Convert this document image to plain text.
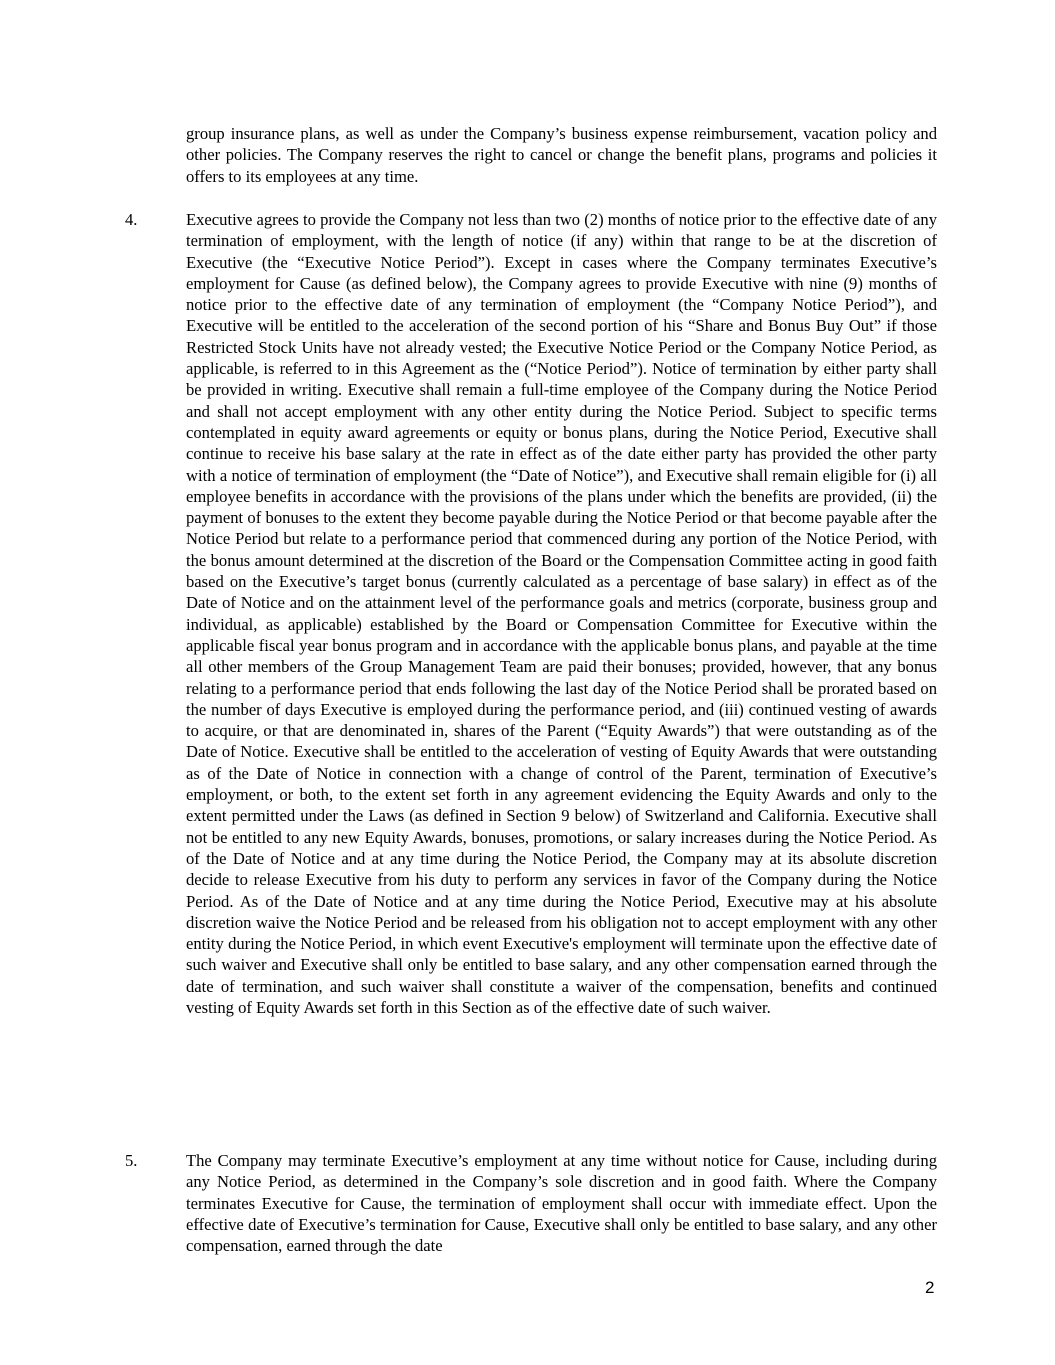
group insurance plans, as well as under the Company’s business expense reimbursement, vacation policy and other policies. The Company reserves the right to cancel or change the benefit plans, programs and policies it offers to its employees at any time.

4.	Executive agrees to provide the Company not less than two (2) months of notice prior to the effective date of any termination of employment, with the length of notice (if any) within that range to be at the discretion of Executive (the “Executive Notice Period”). Except in cases where the Company terminates Executive’s employment for Cause (as defined below), the Company agrees to provide Executive with nine (9) months of notice prior to the effective date of any termination of employment (the “Company Notice Period”), and Executive will be entitled to the acceleration of the second portion of his “Share and Bonus Buy Out” if those Restricted Stock Units have not already vested; the Executive Notice Period or the Company Notice Period, as applicable, is referred to in this Agreement as the (“Notice Period”). Notice of termination by either party shall be provided in writing. Executive shall remain a full-time employee of the Company during the Notice Period and shall not accept employment with any other entity during the Notice Period. Subject to specific terms contemplated in equity award agreements or equity or bonus plans, during the Notice Period, Executive shall continue to receive his base salary at the rate in effect as of the date either party has provided the other party with a notice of termination of employment (the “Date of Notice”), and Executive shall remain eligible for (i) all employee benefits in accordance with the provisions of the plans under which the benefits are provided, (ii) the payment of bonuses to the extent they become payable during the Notice Period or that become payable after the Notice Period but relate to a performance period that commenced during any portion of the Notice Period, with the bonus amount determined at the discretion of the Board or the Compensation Committee acting in good faith based on the Executive’s target bonus (currently calculated as a percentage of base salary) in effect as of the Date of Notice and on the attainment level of the performance goals and metrics (corporate, business group and individual, as applicable) established by the Board or Compensation Committee for Executive within the applicable fiscal year bonus program and in accordance with the applicable bonus plans, and payable at the time all other members of the Group Management Team are paid their bonuses; provided, however, that any bonus relating to a performance period that ends following the last day of the Notice Period shall be prorated based on the number of days Executive is employed during the performance period, and (iii) continued vesting of awards to acquire, or that are denominated in, shares of the Parent (“Equity Awards”) that were outstanding as of the Date of Notice. Executive shall be entitled to the acceleration of vesting of Equity Awards that were outstanding as of the Date of Notice in connection with a change of control of the Parent, termination of Executive’s employment, or both, to the extent set forth in any agreement evidencing the Equity Awards and only to the extent permitted under the Laws (as defined in Section 9 below) of Switzerland and California. Executive shall not be entitled to any new Equity Awards, bonuses, promotions, or salary increases during the Notice Period. As of the Date of Notice and at any time during the Notice Period, the Company may at its absolute discretion decide to release Executive from his duty to perform any services in favor of the Company during the Notice Period. As of the Date of Notice and at any time during the Notice Period, Executive may at his absolute discretion waive the Notice Period and be released from his obligation not to accept employment with any other entity during the Notice Period, in which event Executive's employment will terminate upon the effective date of such waiver and Executive shall only be entitled to base salary, and any other compensation earned through the date of termination, and such waiver shall constitute a waiver of the compensation, benefits and continued vesting of Equity Awards set forth in this Section as of the effective date of such waiver.

5.	The Company may terminate Executive’s employment at any time without notice for Cause, including during any Notice Period, as determined in the Company’s sole discretion and in good faith. Where the Company terminates Executive for Cause, the termination of employment shall occur with immediate effect. Upon the effective date of Executive’s termination for Cause, Executive shall only be entitled to base salary, and any other compensation, earned through the date

2
